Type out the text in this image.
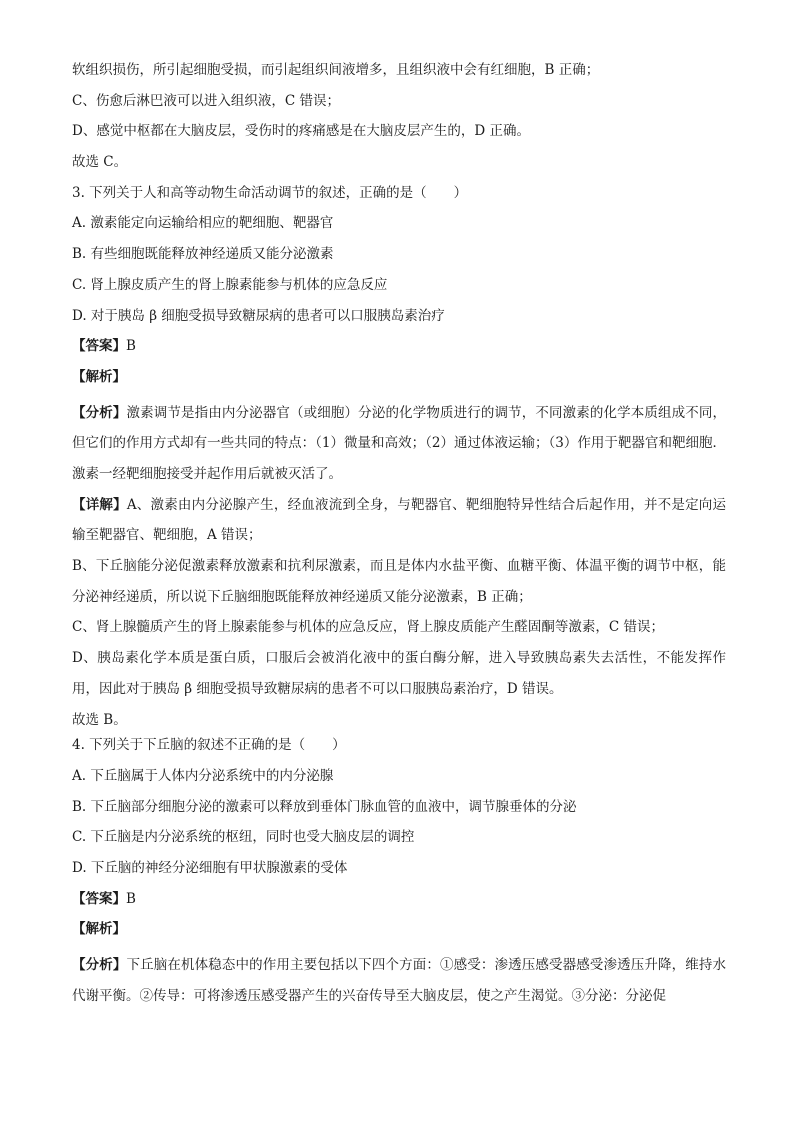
软组织损伤，所引起细胞受损，而引起组织间液增多，且组织液中会有红细胞，B 正确；
C、伤愈后淋巴液可以进入组织液，C 错误；
D、感觉中枢都在大脑皮层，受伤时的疼痛感是在大脑皮层产生的，D 正确。
故选 C。
3. 下列关于人和高等动物生命活动调节的叙述，正确的是（　　）
A. 激素能定向运输给相应的靶细胞、靶器官
B. 有些细胞既能释放神经递质又能分泌激素
C. 肾上腺皮质产生的肾上腺素能参与机体的应急反应
D. 对于胰岛 β 细胞受损导致糖尿病的患者可以口服胰岛素治疗
【答案】B
【解析】
【分析】激素调节是指由内分泌器官（或细胞）分泌的化学物质进行的调节，不同激素的化学本质组成不同，但它们的作用方式却有一些共同的特点：（1）微量和高效；（2）通过体液运输；（3）作用于靶器官和靶细胞．激素一经靶细胞接受并起作用后就被灭活了。
【详解】A、激素由内分泌腺产生，经血液流到全身，与靶器官、靶细胞特异性结合后起作用，并不是定向运输至靶器官、靶细胞，A 错误；
B、下丘脑能分泌促激素释放激素和抗利尿激素，而且是体内水盐平衡、血糖平衡、体温平衡的调节中枢，能分泌神经递质，所以说下丘脑细胞既能释放神经递质又能分泌激素，B 正确；
C、肾上腺髓质产生的肾上腺素能参与机体的应急反应，肾上腺皮质能产生醛固酮等激素，C 错误；
D、胰岛素化学本质是蛋白质，口服后会被消化液中的蛋白酶分解，进入导致胰岛素失去活性，不能发挥作用，因此对于胰岛 β 细胞受损导致糖尿病的患者不可以口服胰岛素治疗，D 错误。
故选 B。
4. 下列关于下丘脑的叙述不正确的是（　　）
A. 下丘脑属于人体内分泌系统中的内分泌腺
B. 下丘脑部分细胞分泌的激素可以释放到垂体门脉血管的血液中，调节腺垂体的分泌
C. 下丘脑是内分泌系统的枢纽，同时也受大脑皮层的调控
D. 下丘脑的神经分泌细胞有甲状腺激素的受体
【答案】B
【解析】
【分析】下丘脑在机体稳态中的作用主要包括以下四个方面：①感受：渗透压感受器感受渗透压升降，维持水代谢平衡。②传导：可将渗透压感受器产生的兴奋传导至大脑皮层，使之产生渴觉。③分泌：分泌促
